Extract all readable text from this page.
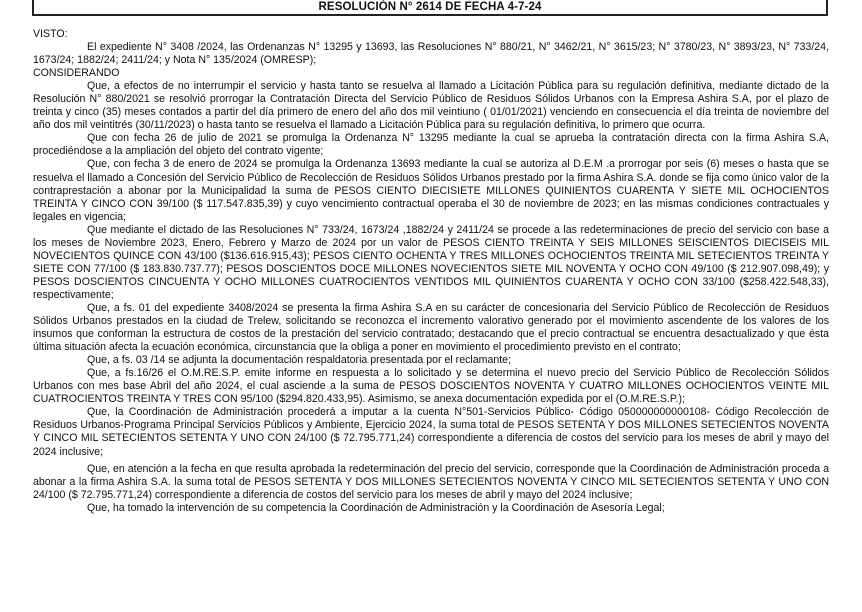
RESOLUCIÓN N° 2614 DE FECHA 4-7-24

VISTO:

El expediente N° 3408 /2024, las Ordenanzas N° 13295 y 13693, las Resoluciones N° 880/21, N° 3462/21, N° 3615/23; N° 3780/23, N° 3893/23, N° 733/24, 1673/24; 1882/24; 2411/24; y Nota N° 135/2024 (OMRESP);

CONSIDERANDO

Que, a efectos de no interrumpir el servicio y hasta tanto se resuelva al llamado a Licitación Pública para su regulación definitiva, mediante dictado de la Resolución N° 880/2021 se resolvió prorrogar la Contratación Directa del Servicio Público de Residuos Sólidos Urbanos con la Empresa Ashira S.A, por el plazo de treinta y cinco (35) meses contados a partir del día primero de enero del año dos mil veintiuno ( 01/01/2021) venciendo en consecuencia el día treinta de noviembre del año dos mil veintitrés (30/11/2023) o hasta tanto se resuelva el llamado a Licitación Pública para su regulación definitiva, lo primero que ocurra.

Que con fecha 26 de julio de 2021 se promulga la Ordenanza N° 13295 mediante la cual se aprueba la contratación directa con la firma Ashira S.A, procediéndose a la ampliación del objeto del contrato vigente;

Que, con fecha 3 de enero de 2024 se promulga la Ordenanza 13693 mediante la cual se autoriza al D.E.M .a prorrogar por seis (6) meses o hasta que se resuelva el llamado a Concesión del Servicio Público de Recolección de Residuos Sólidos Urbanos prestado por la firma Ashira S.A. donde se fija como único valor de la contraprestación a abonar por la Municipalidad la suma de PESOS CIENTO DIECISIETE MILLONES QUINIENTOS CUARENTA Y SIETE MIL OCHOCIENTOS TREINTA Y CINCO CON 39/100 ($ 117.547.835,39) y cuyo vencimiento contractual operaba el 30 de noviembre de 2023; en las mismas condiciones contractuales y legales en vigencia;

Que mediante el dictado de las Resoluciones N° 733/24, 1673/24 ,1882/24 y 2411/24 se procede a las redeterminaciones de precio del servicio con base a los meses de Noviembre 2023, Enero, Febrero y Marzo de 2024 por un valor de PESOS CIENTO TREINTA Y SEIS MILLONES SEISCIENTOS DIECISEIS MIL NOVECIENTOS QUINCE CON 43/100 ($136.616.915,43); PESOS CIENTO OCHENTA Y TRES MILLONES OCHOCIENTOS TREINTA MIL SETECIENTOS TREINTA Y SIETE CON 77/100 ($ 183.830.737.77); PESOS DOSCIENTOS DOCE MILLONES NOVECIENTOS SIETE MIL NOVENTA Y OCHO CON 49/100 ($ 212.907.098,49); y PESOS DOSCIENTOS CINCUENTA Y OCHO MILLONES CUATROCIENTOS VENTIDOS MIL QUINIENTOS CUARENTA Y OCHO CON 33/100 ($258.422.548,33), respectivamente;

Que, a fs. 01 del expediente 3408/2024 se presenta la firma Ashira S.A en su carácter de concesionaria del Servicio Público de Recolección de Residuos Sólidos Urbanos prestados en la ciudad de Trelew, solicitando se reconozca el incremento valorativo generado por el movimiento ascendente de los valores de los insumos que conforman la estructura de costos de la prestación del servicio contratado; destacando que el precio contractual se encuentra desactualizado y que ésta última situación afecta la ecuación económica, circunstancia que la obliga a poner en movimiento el procedimiento previsto en el contrato;

Que, a fs. 03 /14 se adjunta la documentación respaldatoria presentada por el reclamante;

Que, a fs.16/26 el O.M.RE.S.P. emite informe en respuesta a lo solicitado y se determina el nuevo precio del Servicio Público de Recolección Sólidos Urbanos con mes base Abril del año 2024, el cual asciende a la suma de PESOS DOSCIENTOS NOVENTA Y CUATRO MILLONES OCHOCIENTOS VEINTE MIL CUATROCIENTOS TREINTA Y TRES CON 95/100 ($294.820.433,95). Asimismo, se anexa documentación expedida por el (O.M.RE.S.P.);

Que, la Coordinación de Administración procederá a imputar a la cuenta N°501-Servicios Público- Código 050000000000108- Código Recolección de Residuos Urbanos-Programa Principal Servicios Públicos y Ambiente, Ejercicio 2024, la suma total de PESOS SETENTA Y DOS MILLONES SETECIENTOS NOVENTA Y CINCO MIL SETECIENTOS SETENTA Y UNO CON 24/100 ($ 72.795.771,24) correspondiente a diferencia de costos del servicio para los meses de abril y mayo del 2024 inclusive;

Que, en atención a la fecha en que resulta aprobada la redeterminación del precio del servicio, corresponde que la Coordinación de Administración proceda a abonar a la firma Ashira S.A. la suma total de PESOS SETENTA Y DOS MILLONES SETECIENTOS NOVENTA Y CINCO MIL SETECIENTOS SETENTA Y UNO CON 24/100 ($ 72.795.771,24) correspondiente a diferencia de costos del servicio para los meses de abril y mayo del 2024 inclusive;

Que, ha tomado la intervención de su competencia la Coordinación de Administración y la Coordinación de Asesoría Legal;
